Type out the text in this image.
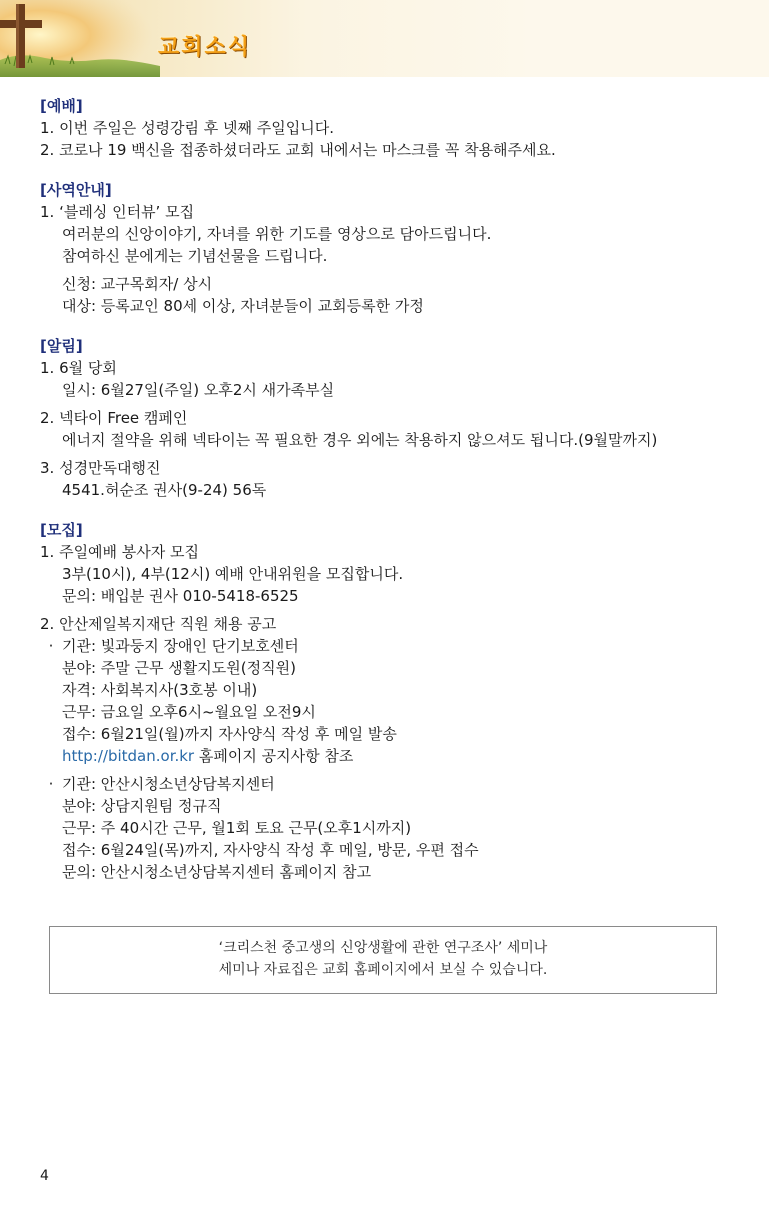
교회소식
[예배]
1. 이번 주일은 성령강림 후 넷째 주일입니다.
2. 코로나 19 백신을 접종하셨더라도 교회 내에서는 마스크를 꼭 착용해주세요.
[사역안내]
1. ‘블레싱 인터뷰’ 모집
여러분의 신앙이야기, 자녀를 위한 기도를 영상으로 담아드립니다.
참여하신 분에게는 기념선물을 드립니다.
신청: 교구목회자/ 상시
대상: 등록교인 80세 이상, 자녀분들이 교회등록한 가정
[알림]
1. 6월 당회
일시: 6월27일(주일) 오후2시 새가족부실
2. 넥타이 Free 캠페인
에너지 절약을 위해 넥타이는 꼭 필요한 경우 외에는 착용하지 않으셔도 됩니다.(9월말까지)
3. 성경만독대행진
4541.허순조 권사(9-24) 56독
[모집]
1. 주일예배 봉사자 모집
3부(10시), 4부(12시) 예배 안내위원을 모집합니다.
문의: 배입분 권사 010-5418-6525
2. 안산제일복지재단 직원 채용 공고
· 기관: 빛과둥지 장애인 단기보호센터
분야: 주말 근무 생활지도원(정직원)
자격: 사회복지사(3호봉 이내)
근무: 금요일 오후6시~월요일 오전9시
접수: 6월21일(월)까지 자사양식 작성 후 메일 발송
http://bitdan.or.kr 홈페이지 공지사항 참조
· 기관: 안산시청소년상담복지센터
분야: 상담지원팀 정규직
근무: 주 40시간 근무, 월1회 토요 근무(오후1시까지)
접수: 6월24일(목)까지, 자사양식 작성 후 메일, 방문, 우편 접수
문의: 안산시청소년상담복지센터 홈페이지 참고
‘크리스천 중고생의 신앙생활에 관한 연구조사’ 세미나
세미나 자료집은 교회 홈페이지에서 보실 수 있습니다.
4
